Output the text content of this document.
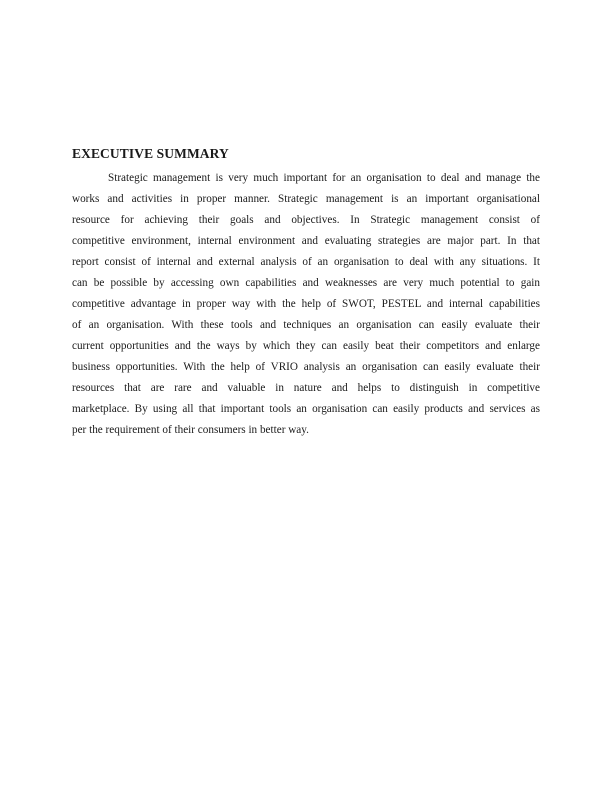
EXECUTIVE SUMMARY
Strategic management is very much important for an organisation to deal and manage the
works and activities in proper manner. Strategic management is an important organisational
resource for achieving their goals and objectives. In Strategic management consist of
competitive environment, internal environment and evaluating strategies are major part. In that
report consist of internal and external analysis of an organisation to deal with any situations. It
can be possible by accessing own capabilities and weaknesses are very much potential to gain
competitive advantage in proper way with the help of SWOT, PESTEL and internal capabilities
of an organisation. With these tools and techniques an organisation can easily evaluate their
current opportunities and the ways by which they can easily beat their competitors and enlarge
business opportunities. With the help of VRIO analysis an organisation can easily evaluate their
resources that are rare and valuable in nature and helps to distinguish in competitive
marketplace. By using all that important tools an organisation can easily products and services as
per the requirement of their consumers in better way.
